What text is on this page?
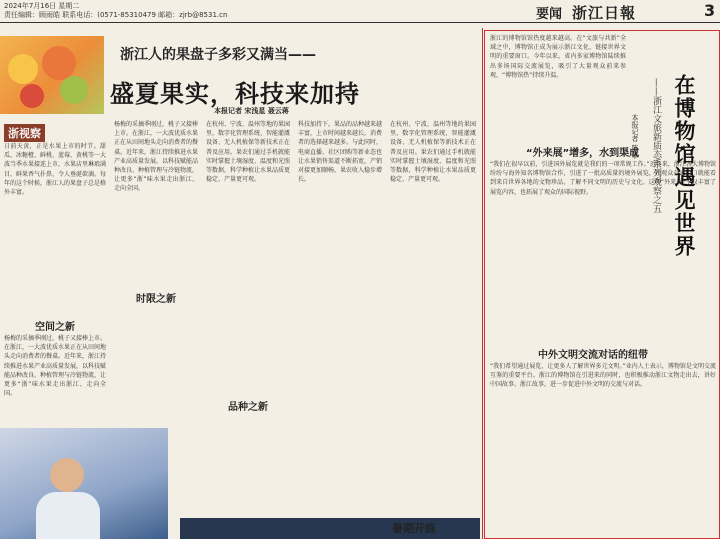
2024年7月16日 星期二
责任编辑：顾雨皓 联系电话：(0571-85310479 邮箱：zjrb@8531.cn	要闻 浙江日報	3
浙江人的果盘子多彩又满当——
盛夏果实，科技来加持
本报记者 宋浅星 聂云蒋
浙视察
日前天黄，正是水果上市的时节。甜瓜、冰糖橙、鲜桃、蓝莓、黄桃等一大波当季水果接连上市，水果店里琳琅满目，鲜果香气扑鼻，令人垂涎欲滴。每年的这个时候，浙江人的果盘子总是格外丰富。
空间之新
杨梅的采摘季刚过，桃子又接棒上市。在浙江，一大波优质水果正在从田间地头走向消费者的餐桌。近年来，浙江持续推进水果产业高质量发展，以科技赋能品种改良、种植管理与冷链物流，让更多“浙”味水果走出浙江、走向全国。
杨梅的采摘季刚过，桃子又接棒上市。在浙江，一大波优质水果正在从田间地头走向消费者的餐桌。近年来，浙江持续推进水果产业高质量发展，以科技赋能品种改良、种植管理与冷链物流，让更多“浙”味水果走出浙江、走向全国。
时限之新
在杭州、宁波、温州等地的果园里，数字化管理系统、智能灌溉设备、无人机植保等新技术正在普及应用。果农们通过手机就能实时掌握土壤湿度、温度和光照等数据，科学种植让水果品质更稳定、产量更可观。
品种之新
科技加持下，果品的品种越来越丰富，上市时间越来越长，消费者的选择越来越多。与此同时，电商直播、社区团购等新业态也让水果销售渠道不断拓宽，产销对接更加顺畅，果农收入稳步增长。
在杭州、宁波、温州等地的果园里，数字化管理系统、智能灌溉设备、无人机植保等新技术正在普及应用。果农们通过手机就能实时掌握土壤湿度、温度和光照等数据，科学种植让水果品质更稳定、产量更可观。
暑期开练
浙江的博物馆馆热度越来越高。在“文旅与共新”全域之中，博物馆正成为展示浙江文化、链接世界文明的重要窗口。今年以来，省内多家博物馆陆续推出多场国际交流展览，吸引了大量观众前来参观，“博物馆热”持续升温。	在博物馆遇见世界
——浙江文旅新质态系列观察之五
本报记者 陈攀
“外来展”增多，水到渠成
“我们在很早以前，引进国外展览就是我们的一项常规工作。”近年来，浙江各大博物馆纷纷与海外知名博物馆合作，引进了一批高质量的境外展览，让观众在家门口就能看到来自世界各地的文物珍品，了解不同文明的历史与文化。这些“外来展”不仅丰富了展览内容，也拓展了观众的国际视野。
中外文明交流对话的纽带
“我们希望通过展览，让更多人了解世界多元文明。”业内人士表示，博物馆是文明交流互鉴的重要平台。浙江的博物馆在引进来的同时，也积极推动浙江文物走出去，讲好中国故事、浙江故事，进一步促进中外文明的交流与对话。
